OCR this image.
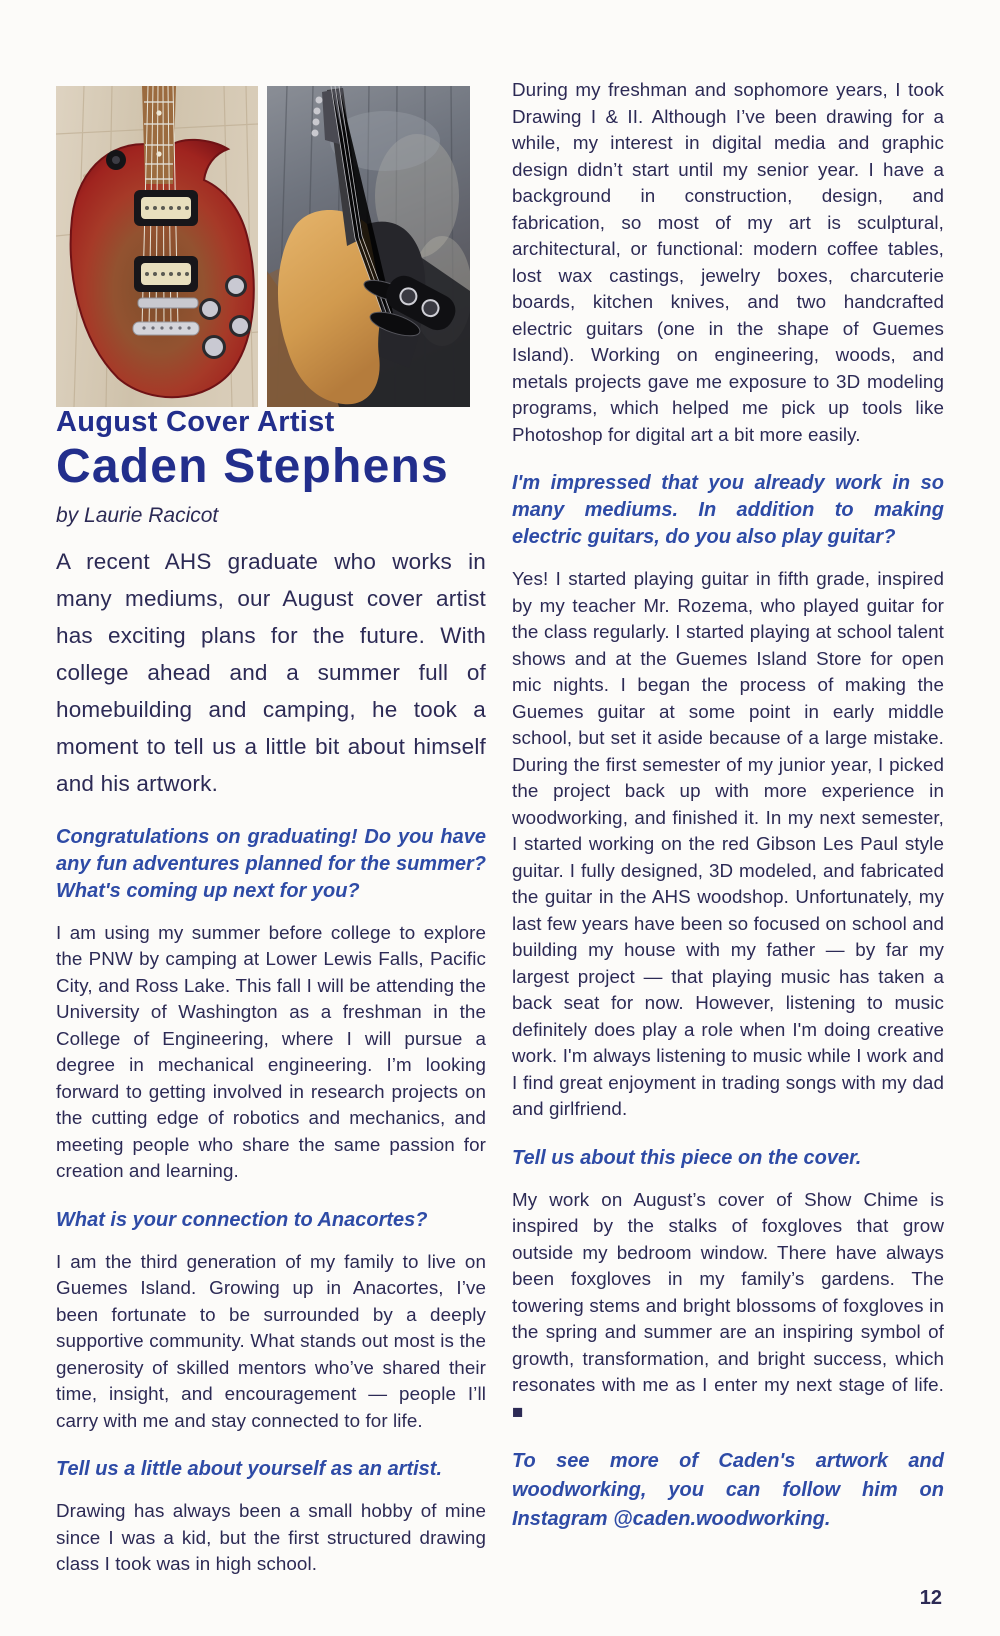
August Cover Artist
Caden Stephens
by Laurie Racicot

A recent AHS graduate who works in many mediums, our August cover artist has exciting plans for the future. With college ahead and a summer full of homebuilding and camping, he took a moment to tell us a little bit about himself and his artwork.

Congratulations on graduating! Do you have any fun adventures planned for the summer? What's coming up next for you?

I am using my summer before college to explore the PNW by camping at Lower Lewis Falls, Pacific City, and Ross Lake. This fall I will be attending the University of Washington as a freshman in the College of Engineering, where I will pursue a degree in mechanical engineering. I’m looking forward to getting involved in research projects on the cutting edge of robotics and mechanics, and meeting people who share the same passion for creation and learning.

What is your connection to Anacortes?

I am the third generation of my family to live on Guemes Island. Growing up in Anacortes, I’ve been fortunate to be surrounded by a deeply supportive community. What stands out most is the generosity of skilled mentors who’ve shared their time, insight, and encouragement — people I’ll carry with me and stay connected to for life.

Tell us a little about yourself as an artist.

Drawing has always been a small hobby of mine since I was a kid, but the first structured drawing class I took was in high school.

During my freshman and sophomore years, I took Drawing I & II. Although I’ve been drawing for a while, my interest in digital media and graphic design didn’t start until my senior year. I have a background in construction, design, and fabrication, so most of my art is sculptural, architectural, or functional: modern coffee tables, lost wax castings, jewelry boxes, charcuterie boards, kitchen knives, and two handcrafted electric guitars (one in the shape of Guemes Island). Working on engineering, woods, and metals projects gave me exposure to 3D modeling programs, which helped me pick up tools like Photoshop for digital art a bit more easily.

I'm impressed that you already work in so many mediums. In addition to making electric guitars, do you also play guitar?

Yes! I started playing guitar in fifth grade, inspired by my teacher Mr. Rozema, who played guitar for the class regularly. I started playing at school talent shows and at the Guemes Island Store for open mic nights. I began the process of making the Guemes guitar at some point in early middle school, but set it aside because of a large mistake. During the first semester of my junior year, I picked the project back up with more experience in woodworking, and finished it. In my next semester, I started working on the red Gibson Les Paul style guitar. I fully designed, 3D modeled, and fabricated the guitar in the AHS woodshop. Unfortunately, my last few years have been so focused on school and building my house with my father — by far my largest project — that playing music has taken a back seat for now. However, listening to music definitely does play a role when I'm doing creative work. I'm always listening to music while I work and I find great enjoyment in trading songs with my dad and girlfriend.

Tell us about this piece on the cover.

My work on August’s cover of Show Chime is inspired by the stalks of foxgloves that grow outside my bedroom window. There have always been foxgloves in my family’s gardens. The towering stems and bright blossoms of foxgloves in the spring and summer are an inspiring symbol of growth, transformation, and bright success, which resonates with me as I enter my next stage of life. ■

To see more of Caden's artwork and woodworking, you can follow him on Instagram @caden.woodworking.

12
